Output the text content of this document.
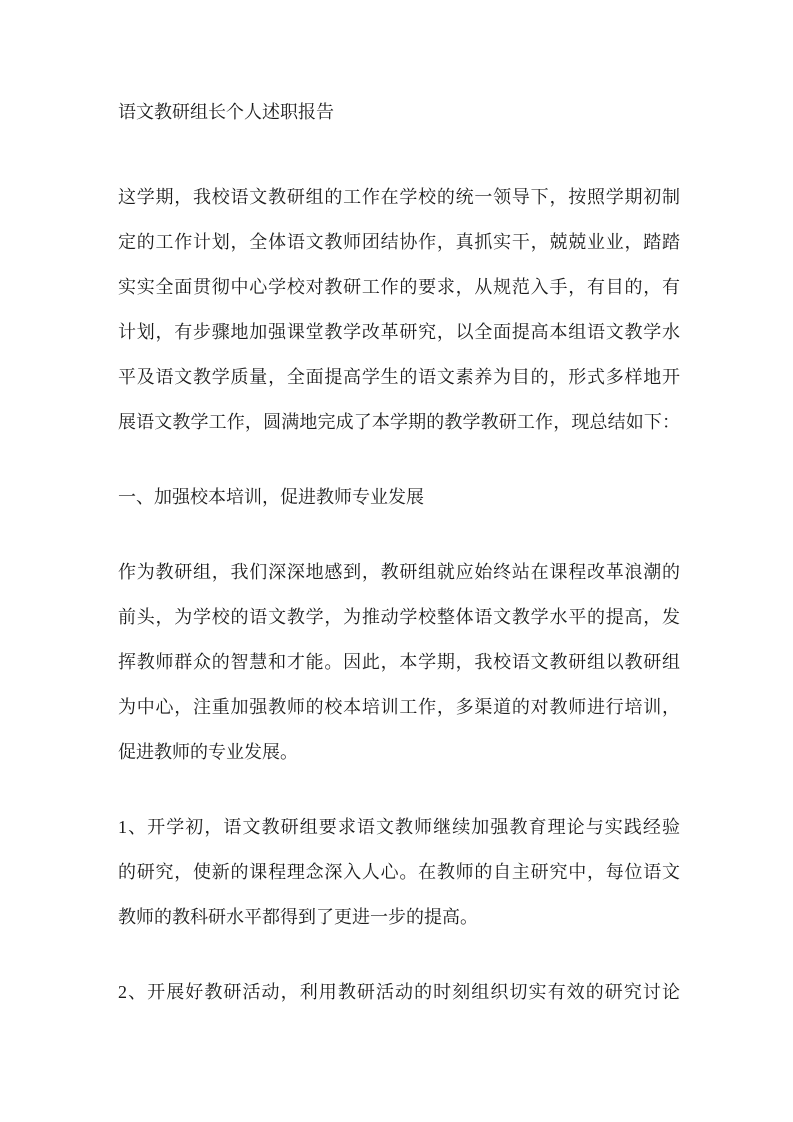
语文教研组长个人述职报告
这学期，我校语文教研组的工作在学校的统一领导下，按照学期初制
定的工作计划，全体语文教师团结协作，真抓实干，兢兢业业，踏踏
实实全面贯彻中心学校对教研工作的要求，从规范入手，有目的，有
计划，有步骤地加强课堂教学改革研究，以全面提高本组语文教学水
平及语文教学质量，全面提高学生的语文素养为目的，形式多样地开
展语文教学工作，圆满地完成了本学期的教学教研工作，现总结如下：
一、加强校本培训，促进教师专业发展
作为教研组，我们深深地感到，教研组就应始终站在课程改革浪潮的
前头，为学校的语文教学，为推动学校整体语文教学水平的提高，发
挥教师群众的智慧和才能。因此，本学期，我校语文教研组以教研组
为中心，注重加强教师的校本培训工作，多渠道的对教师进行培训，
促进教师的专业发展。
1、开学初，语文教研组要求语文教师继续加强教育理论与实践经验
的研究，使新的课程理念深入人心。在教师的自主研究中，每位语文
教师的教科研水平都得到了更进一步的提高。
2、开展好教研活动，利用教研活动的时刻组织切实有效的研究讨论
